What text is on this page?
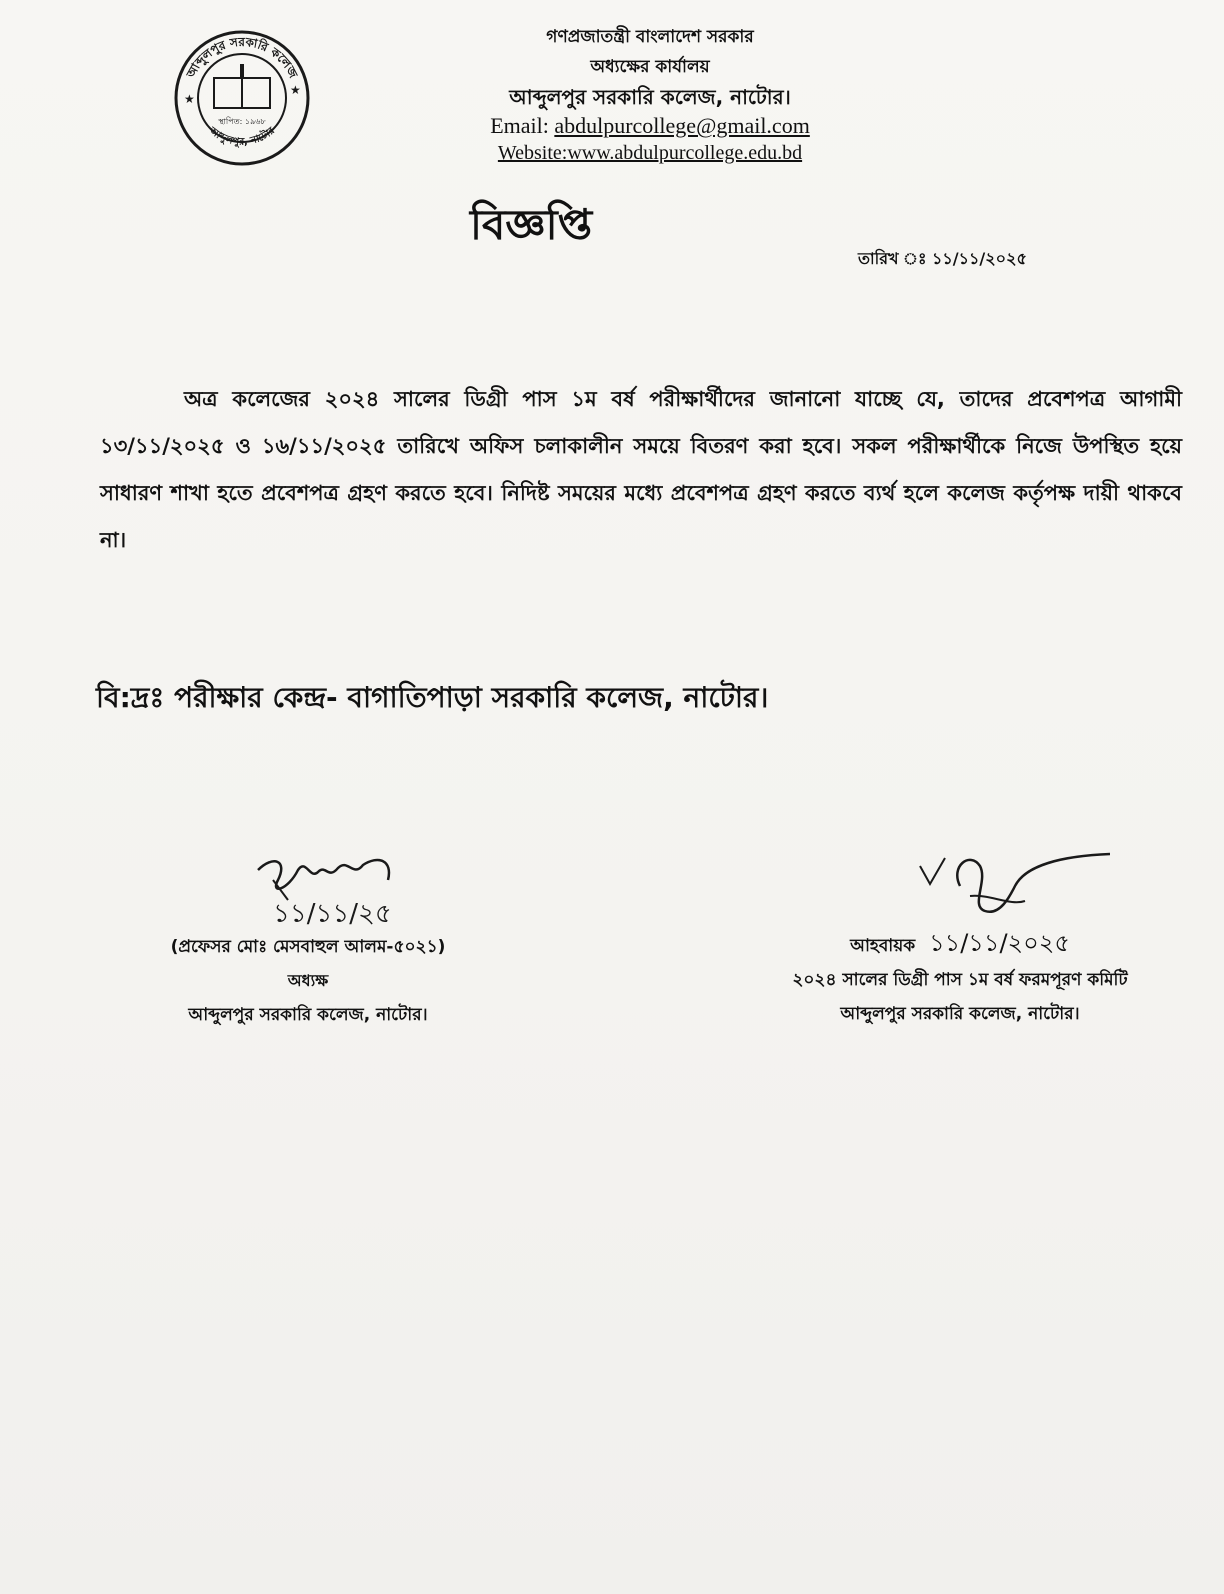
আব্দুলপুর সরকারি কলেজ
আব্দুলপুর, নাটোর
★
★
স্থাপিত: ১৯৬৮
গণপ্রজাতন্ত্রী বাংলাদেশ সরকার
অধ্যক্ষের কার্যালয়
আব্দুলপুর সরকারি কলেজ, নাটোর।
Email: abdulpurcollege@gmail.com
Website:www.abdulpurcollege.edu.bd
বিজ্ঞপ্তি
তারিখ ঃ ১১/১১/২০২৫
অত্র কলেজের ২০২৪ সালের ডিগ্রী পাস ১ম বর্ষ পরীক্ষার্থীদের জানানো যাচ্ছে যে, তাদের প্রবেশপত্র আগামী ১৩/১১/২০২৫ ও ১৬/১১/২০২৫ তারিখে অফিস চলাকালীন সময়ে বিতরণ করা হবে। সকল পরীক্ষার্থীকে নিজে উপস্থিত হয়ে সাধারণ শাখা হতে প্রবেশপত্র গ্রহণ করতে হবে। নিদিষ্ট সময়ের মধ্যে প্রবেশপত্র গ্রহণ করতে ব্যর্থ হলে কলেজ কর্তৃপক্ষ দায়ী থাকবে না।
বি:দ্রঃ পরীক্ষার কেন্দ্র- বাগাতিপাড়া সরকারি কলেজ, নাটোর।
১১/১১/২৫
(প্রফেসর মোঃ মেসবাহুল আলম-৫০২১)
অধ্যক্ষ
আব্দুলপুর সরকারি কলেজ, নাটোর।
আহবায়ক ১১/১১/২০২৫
২০২৪ সালের ডিগ্রী পাস ১ম বর্ষ ফরমপূরণ কমিটি
আব্দুলপুর সরকারি কলেজ, নাটোর।
